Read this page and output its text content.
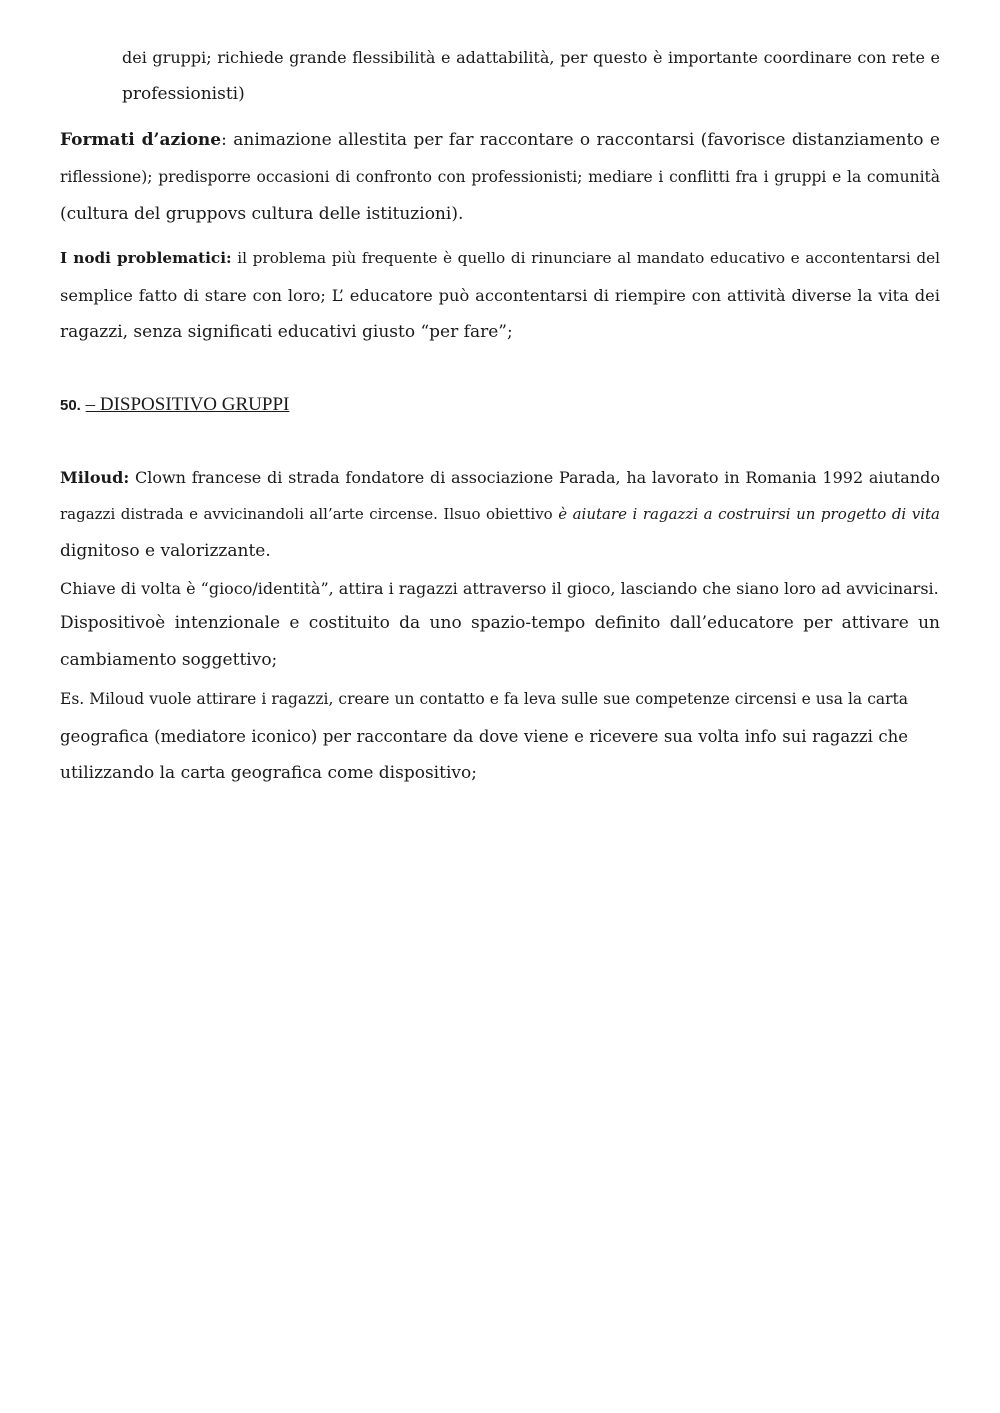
dei gruppi; richiede grande flessibilità e adattabilità, per questo è importante coordinare con rete e
professionisti)

Formati d’azione: animazione allestita per far raccontare o raccontarsi (favorisce distanziamento e
riflessione); predisporre occasioni di confronto con professionisti; mediare i conflitti fra i gruppi e la comunità
(cultura del gruppovs cultura delle istituzioni).

I nodi problematici: il problema più frequente è quello di rinunciare al mandato educativo e accontentarsi del
semplice fatto di stare con loro; L’ educatore può accontentarsi di riempire con attività diverse la vita dei
ragazzi, senza significati educativi giusto “per fare”;

50. – DISPOSITIVO GRUPPI

Miloud: Clown francese di strada fondatore di associazione Parada, ha lavorato in Romania 1992 aiutando
ragazzi distrada e avvicinandoli all’arte circense. Ilsuo obiettivo è aiutare i ragazzi a costruirsi un progetto di vita
dignitoso e valorizzante.

Chiave di volta è “gioco/identità”, attira i ragazzi attraverso il gioco, lasciando che siano loro ad avvicinarsi.

Dispositivoè intenzionale e costituito da uno spazio-tempo definito dall’educatore per attivare un
cambiamento soggettivo;

Es. Miloud vuole attirare i ragazzi, creare un contatto e fa leva sulle sue competenze circensi e usa la carta
geografica (mediatore iconico) per raccontare da dove viene e ricevere sua volta info sui ragazzi che
utilizzando la carta geografica come dispositivo;
